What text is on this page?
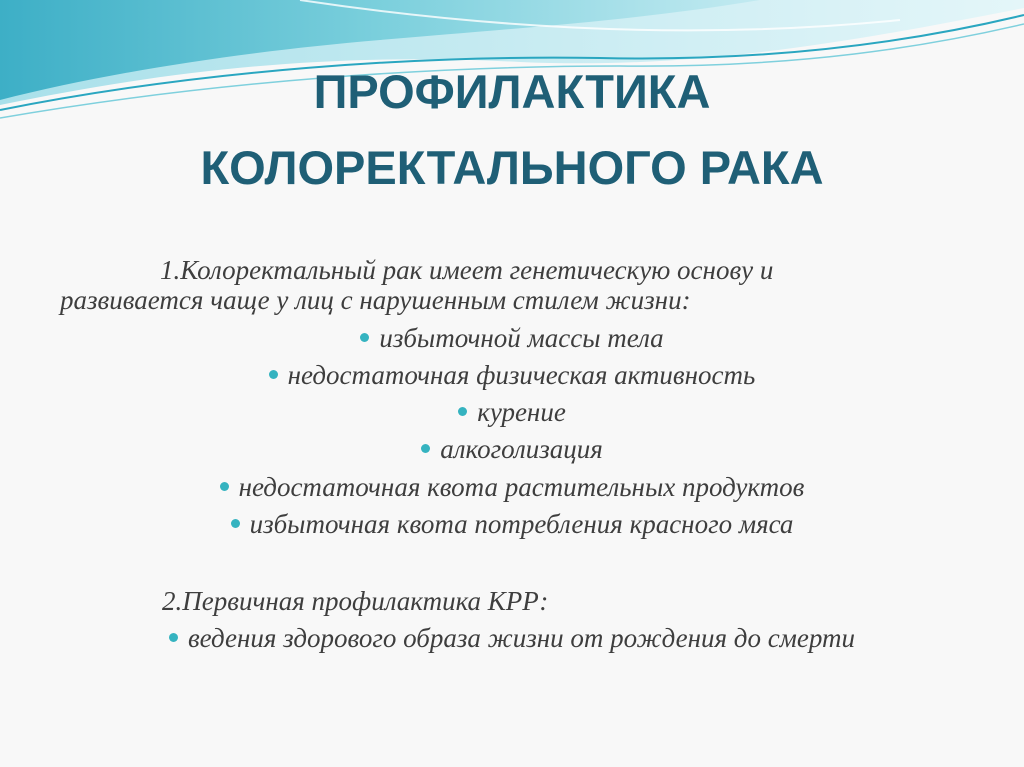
ПРОФИЛАКТИКА
КОЛОРЕКТАЛЬНОГО РАКА
1.Колоректальный рак имеет генетическую основу и
развивается чаще у лиц с нарушенным стилем жизни:
избыточной массы тела
недостаточная физическая активность
курение
алкоголизация
недостаточная квота растительных продуктов
избыточная квота потребления красного мяса
2.Первичная профилактика КРР:
ведения здорового образа жизни от рождения до смерти
